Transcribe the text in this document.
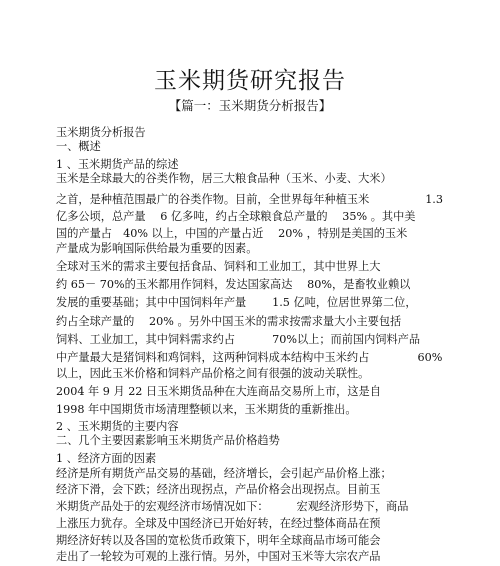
玉米期货研究报告
【篇一：玉米期货分析报告】
玉米期货分析报告
一、概述
1 、玉米期货产品的综述
玉米是全球最大的谷类作物，居三大粮食品种（玉米、小麦、大米）
之首，是种植范围最广的谷类作物。目前，全世界每年种植玉米　　　　　1.3
亿多公顷，总产量　 6 亿多吨，约占全球粮食总产量的　 35% 。其中美
国的产量占　40% 以上，中国的产量占近　 20% ，特别是美国的玉米
产量成为影响国际供给最为重要的因素。
全球对玉米的需求主要包括食品、饲料和工业加工，其中世界上大
约 65－ 70%的玉米都用作饲料，发达国家高达　 80%，是畜牧业赖以
发展的重要基础；其中中国饲料年产量　　 1.5 亿吨，位居世界第二位，
约占全球产量的　 20% 。另外中国玉米的需求按需求量大小主要包括
饲料、工业加工，其中饲料需求约占　　　 70%以上；而前国内饲料产品
中产量最大是猪饲料和鸡饲料，这两种饲料成本结构中玉米约占　　　　 60%
以上，因此玉米价格和饲料产品价格之间有很强的波动关联性。
2004 年 9 月 22 日玉米期货品种在大连商品交易所上市，这是自
1998 年中国期货市场清理整顿以来，玉米期货的重新推出。
2 、玉米期货的主要内容
二、几个主要因素影响玉米期货产品价格趋势
1 、经济方面的因素
经济是所有期货产品交易的基础，经济增长，会引起产品价格上涨；
经济下滑，会下跌；经济出现拐点，产品价格会出现拐点。目前玉
米期货产品处于的宏观经济市场情况如下：　　　宏观经济形势下，商品
上涨压力犹存。全球及中国经济已开始好转，在经过整体商品在预
期经济好转以及各国的宽松货币政策下，明年全球商品市场可能会
走出了一轮较为可观的上涨行情。另外，中国对玉米等大宗农产品
